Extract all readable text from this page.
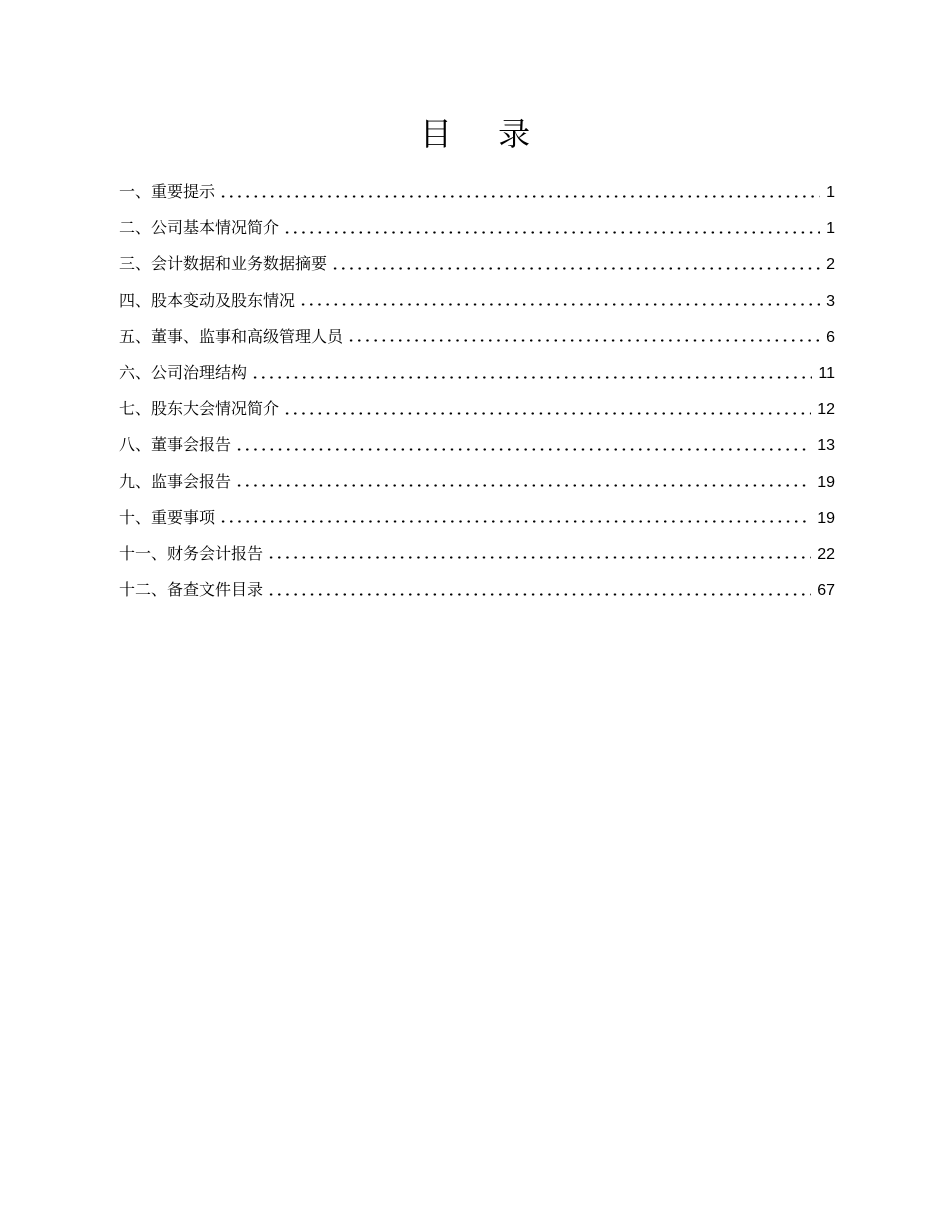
目 录
一、重要提示	1
二、公司基本情况简介	1
三、会计数据和业务数据摘要	2
四、股本变动及股东情况	3
五、董事、监事和高级管理人员	6
六、公司治理结构	11
七、股东大会情况简介	12
八、董事会报告	13
九、监事会报告	19
十、重要事项	19
十一、财务会计报告	22
十二、备查文件目录	67
